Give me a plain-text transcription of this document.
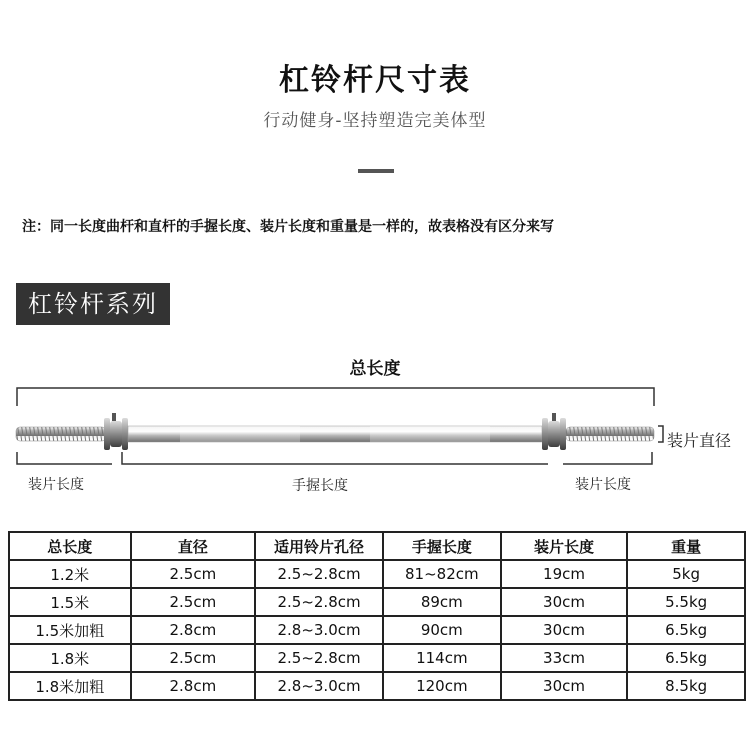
杠铃杆尺寸表
行动健身-坚持塑造完美体型
注：同一长度曲杆和直杆的手握长度、装片长度和重量是一样的，故表格没有区分来写
杠铃杆系列
总长度
装片直径
装片长度	手握长度	装片长度
总长度	直径	适用铃片孔径	手握长度	装片长度	重量
1.2米	2.5cm	2.5~2.8cm	81~82cm	19cm	5kg
1.5米	2.5cm	2.5~2.8cm	89cm	30cm	5.5kg
1.5米加粗	2.8cm	2.8~3.0cm	90cm	30cm	6.5kg
1.8米	2.5cm	2.5~2.8cm	114cm	33cm	6.5kg
1.8米加粗	2.8cm	2.8~3.0cm	120cm	30cm	8.5kg
